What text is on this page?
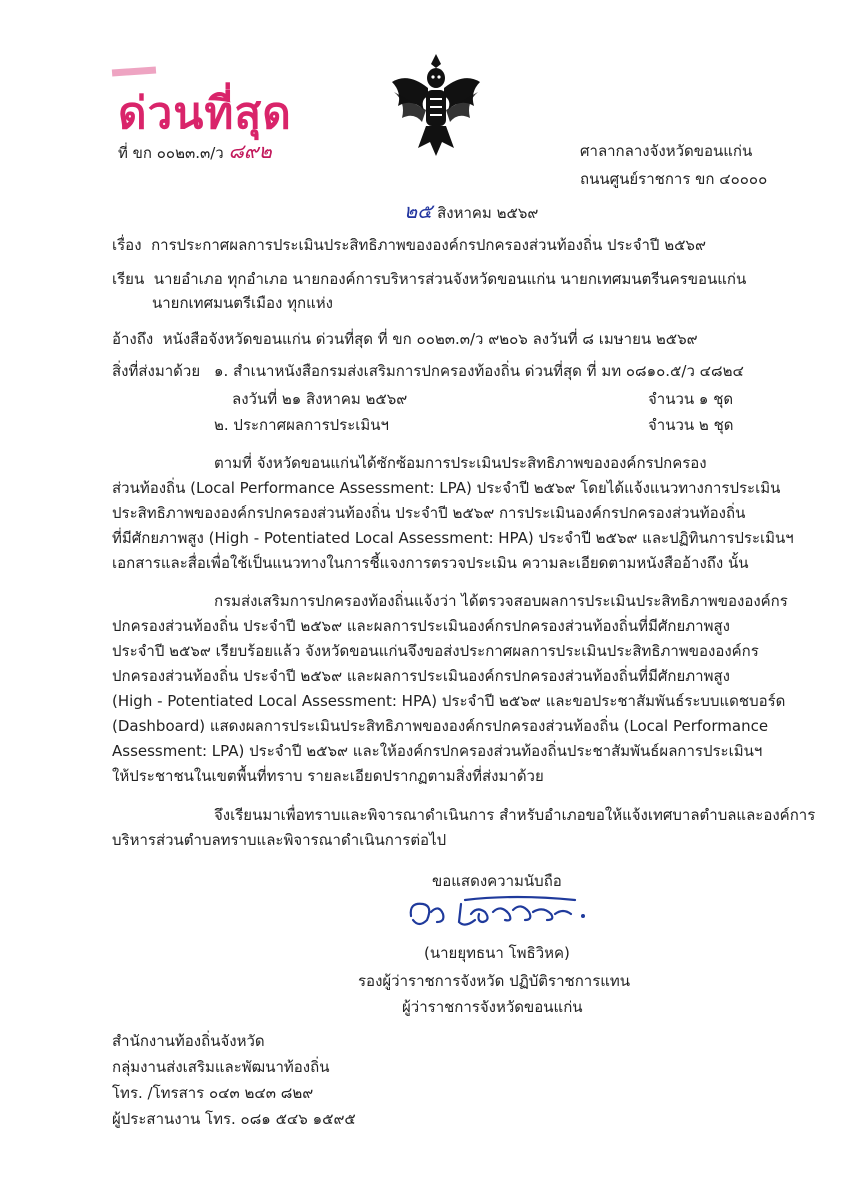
ด่วนที่สุด
ที่ ขก ๐๐๒๓.๓/ว ๘๙๒	ศาลากลางจังหวัดขอนแก่น
ถนนศูนย์ราชการ ขก ๔๐๐๐๐
๒๕ สิงหาคม ๒๕๖๙
เรื่อง การประกาศผลการประเมินประสิทธิภาพขององค์กรปกครองส่วนท้องถิ่น ประจำปี ๒๕๖๙
เรียน นายอำเภอ ทุกอำเภอ นายกองค์การบริหารส่วนจังหวัดขอนแก่น นายกเทศมนตรีนครขอนแก่น
นายกเทศมนตรีเมือง ทุกแห่ง
อ้างถึง หนังสือจังหวัดขอนแก่น ด่วนที่สุด ที่ ขก ๐๐๒๓.๓/ว ๙๒๐๖ ลงวันที่ ๘ เมษายน ๒๕๖๙
สิ่งที่ส่งมาด้วย ๑. สำเนาหนังสือกรมส่งเสริมการปกครองท้องถิ่น ด่วนที่สุด ที่ มท ๐๘๑๐.๕/ว ๔๘๒๔
ลงวันที่ ๒๑ สิงหาคม ๒๕๖๙	จำนวน ๑ ชุด
๒. ประกาศผลการประเมินฯ	จำนวน ๒ ชุด
ตามที่ จังหวัดขอนแก่นได้ซักซ้อมการประเมินประสิทธิภาพขององค์กรปกครอง
ส่วนท้องถิ่น (Local Performance Assessment: LPA) ประจำปี ๒๕๖๙ โดยได้แจ้งแนวทางการประเมิน
ประสิทธิภาพขององค์กรปกครองส่วนท้องถิ่น ประจำปี ๒๕๖๙ การประเมินองค์กรปกครองส่วนท้องถิ่น
ที่มีศักยภาพสูง (High - Potentiated Local Assessment: HPA) ประจำปี ๒๕๖๙ และปฏิทินการประเมินฯ
เอกสารและสื่อเพื่อใช้เป็นแนวทางในการชี้แจงการตรวจประเมิน ความละเอียดตามหนังสืออ้างถึง นั้น
กรมส่งเสริมการปกครองท้องถิ่นแจ้งว่า ได้ตรวจสอบผลการประเมินประสิทธิภาพขององค์กร
ปกครองส่วนท้องถิ่น ประจำปี ๒๕๖๙ และผลการประเมินองค์กรปกครองส่วนท้องถิ่นที่มีศักยภาพสูง
ประจำปี ๒๕๖๙ เรียบร้อยแล้ว จังหวัดขอนแก่นจึงขอส่งประกาศผลการประเมินประสิทธิภาพขององค์กร
ปกครองส่วนท้องถิ่น ประจำปี ๒๕๖๙ และผลการประเมินองค์กรปกครองส่วนท้องถิ่นที่มีศักยภาพสูง
(High - Potentiated Local Assessment: HPA) ประจำปี ๒๕๖๙ และขอประชาสัมพันธ์ระบบแดชบอร์ด
(Dashboard) แสดงผลการประเมินประสิทธิภาพขององค์กรปกครองส่วนท้องถิ่น (Local Performance
Assessment: LPA) ประจำปี ๒๕๖๙ และให้องค์กรปกครองส่วนท้องถิ่นประชาสัมพันธ์ผลการประเมินฯ
ให้ประชาชนในเขตพื้นที่ทราบ รายละเอียดปรากฏตามสิ่งที่ส่งมาด้วย
จึงเรียนมาเพื่อทราบและพิจารณาดำเนินการ สำหรับอำเภอขอให้แจ้งเทศบาลตำบลและองค์การ
บริหารส่วนตำบลทราบและพิจารณาดำเนินการต่อไป
ขอแสดงความนับถือ
(นายยุทธนา โพธิวิหค)
รองผู้ว่าราชการจังหวัด ปฏิบัติราชการแทน
ผู้ว่าราชการจังหวัดขอนแก่น
สำนักงานท้องถิ่นจังหวัด
กลุ่มงานส่งเสริมและพัฒนาท้องถิ่น
โทร. /โทรสาร ๐๔๓ ๒๔๓ ๘๒๙
ผู้ประสานงาน โทร. ๐๘๑ ๕๔๖ ๑๕๙๕
